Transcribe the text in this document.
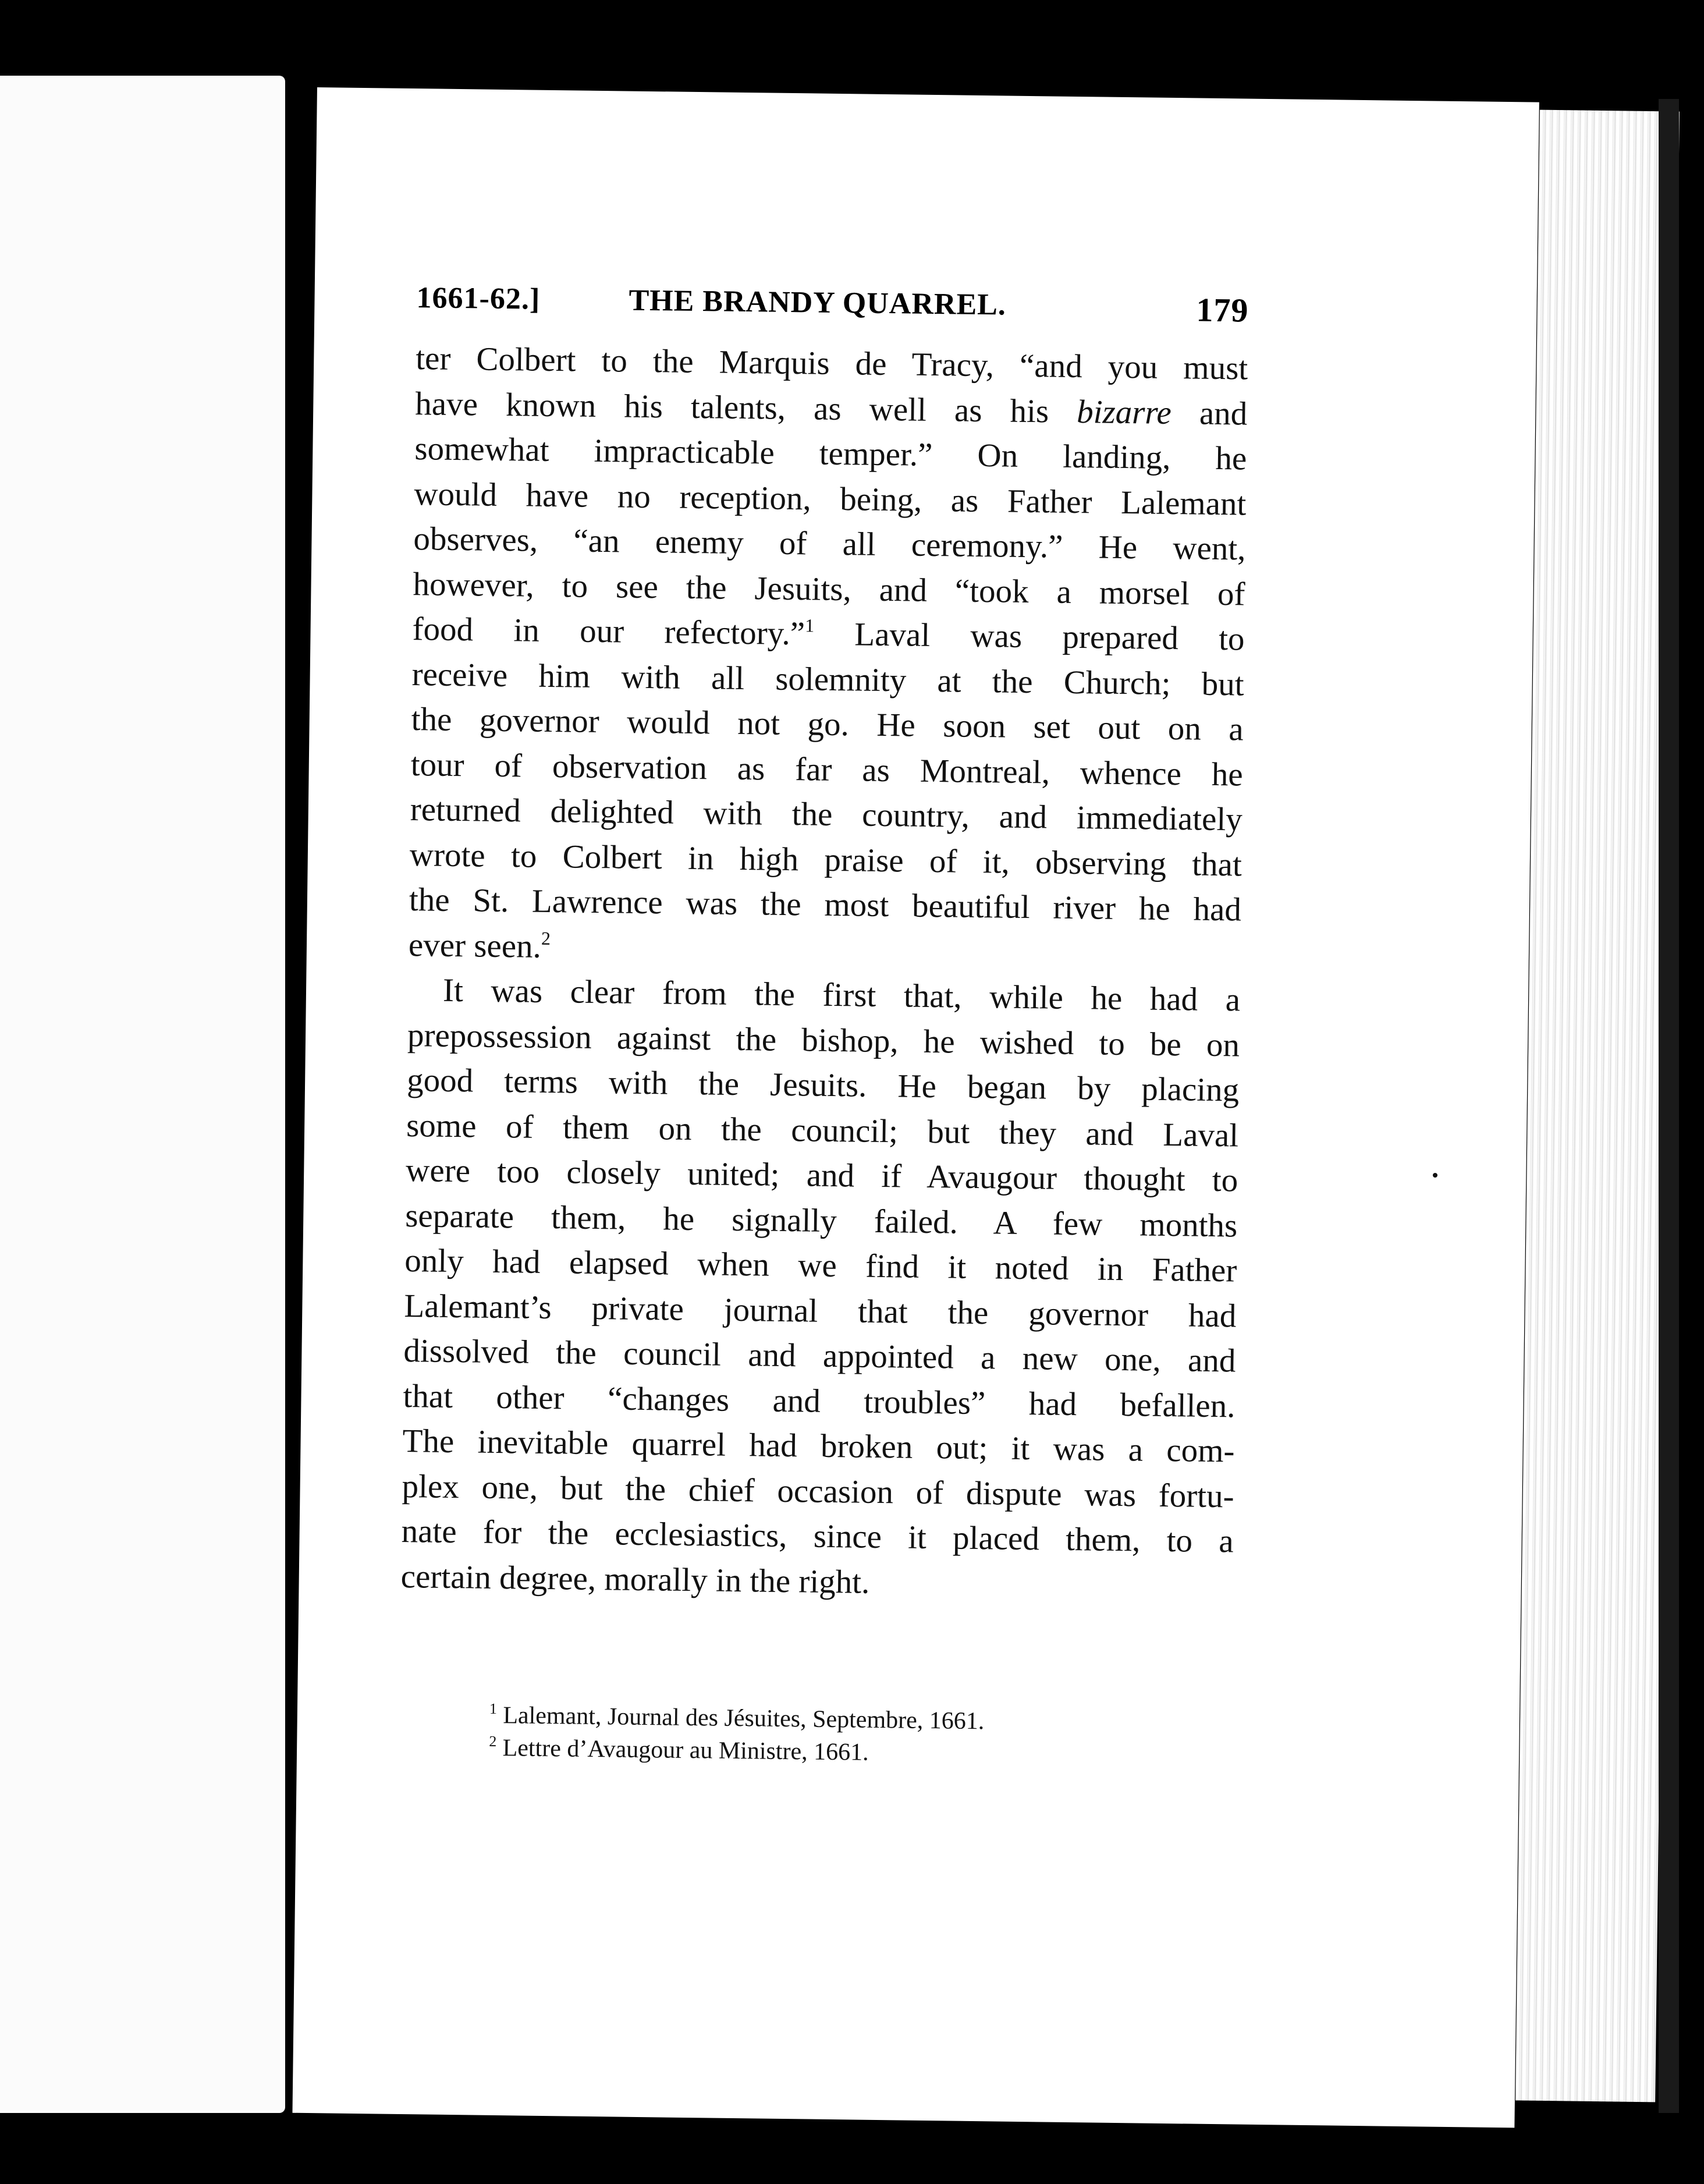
1661-62.]	THE BRANDY QUARREL.	179
ter Colbert to the Marquis de Tracy, “and you must
have known his talents, as well as his bizarre and
somewhat impracticable temper.” On landing, he
would have no reception, being, as Father Lalemant
observes, “an enemy of all ceremony.” He went,
however, to see the Jesuits, and “took a morsel of
food in our refectory.”$^1$ Laval was prepared to
receive him with all solemnity at the Church; but
the governor would not go. He soon set out on a
tour of observation as far as Montreal, whence he
returned delighted with the country, and immediately
wrote to Colbert in high praise of it, observing that
the St. Lawrence was the most beautiful river he had
ever seen.$^2$
It was clear from the first that, while he had a
prepossession against the bishop, he wished to be on
good terms with the Jesuits. He began by placing
some of them on the council; but they and Laval
were too closely united; and if Avaugour thought to
separate them, he signally failed. A few months
only had elapsed when we find it noted in Father
Lalemant’s private journal that the governor had
dissolved the council and appointed a new one, and
that other “changes and troubles” had befallen.
The inevitable quarrel had broken out; it was a com-
plex one, but the chief occasion of dispute was fortu-
nate for the ecclesiastics, since it placed them, to a
certain degree, morally in the right.
$^1$ Lalemant, Journal des Jésuites, Septembre, 1661.
$^2$ Lettre d’Avaugour au Ministre, 1661.
